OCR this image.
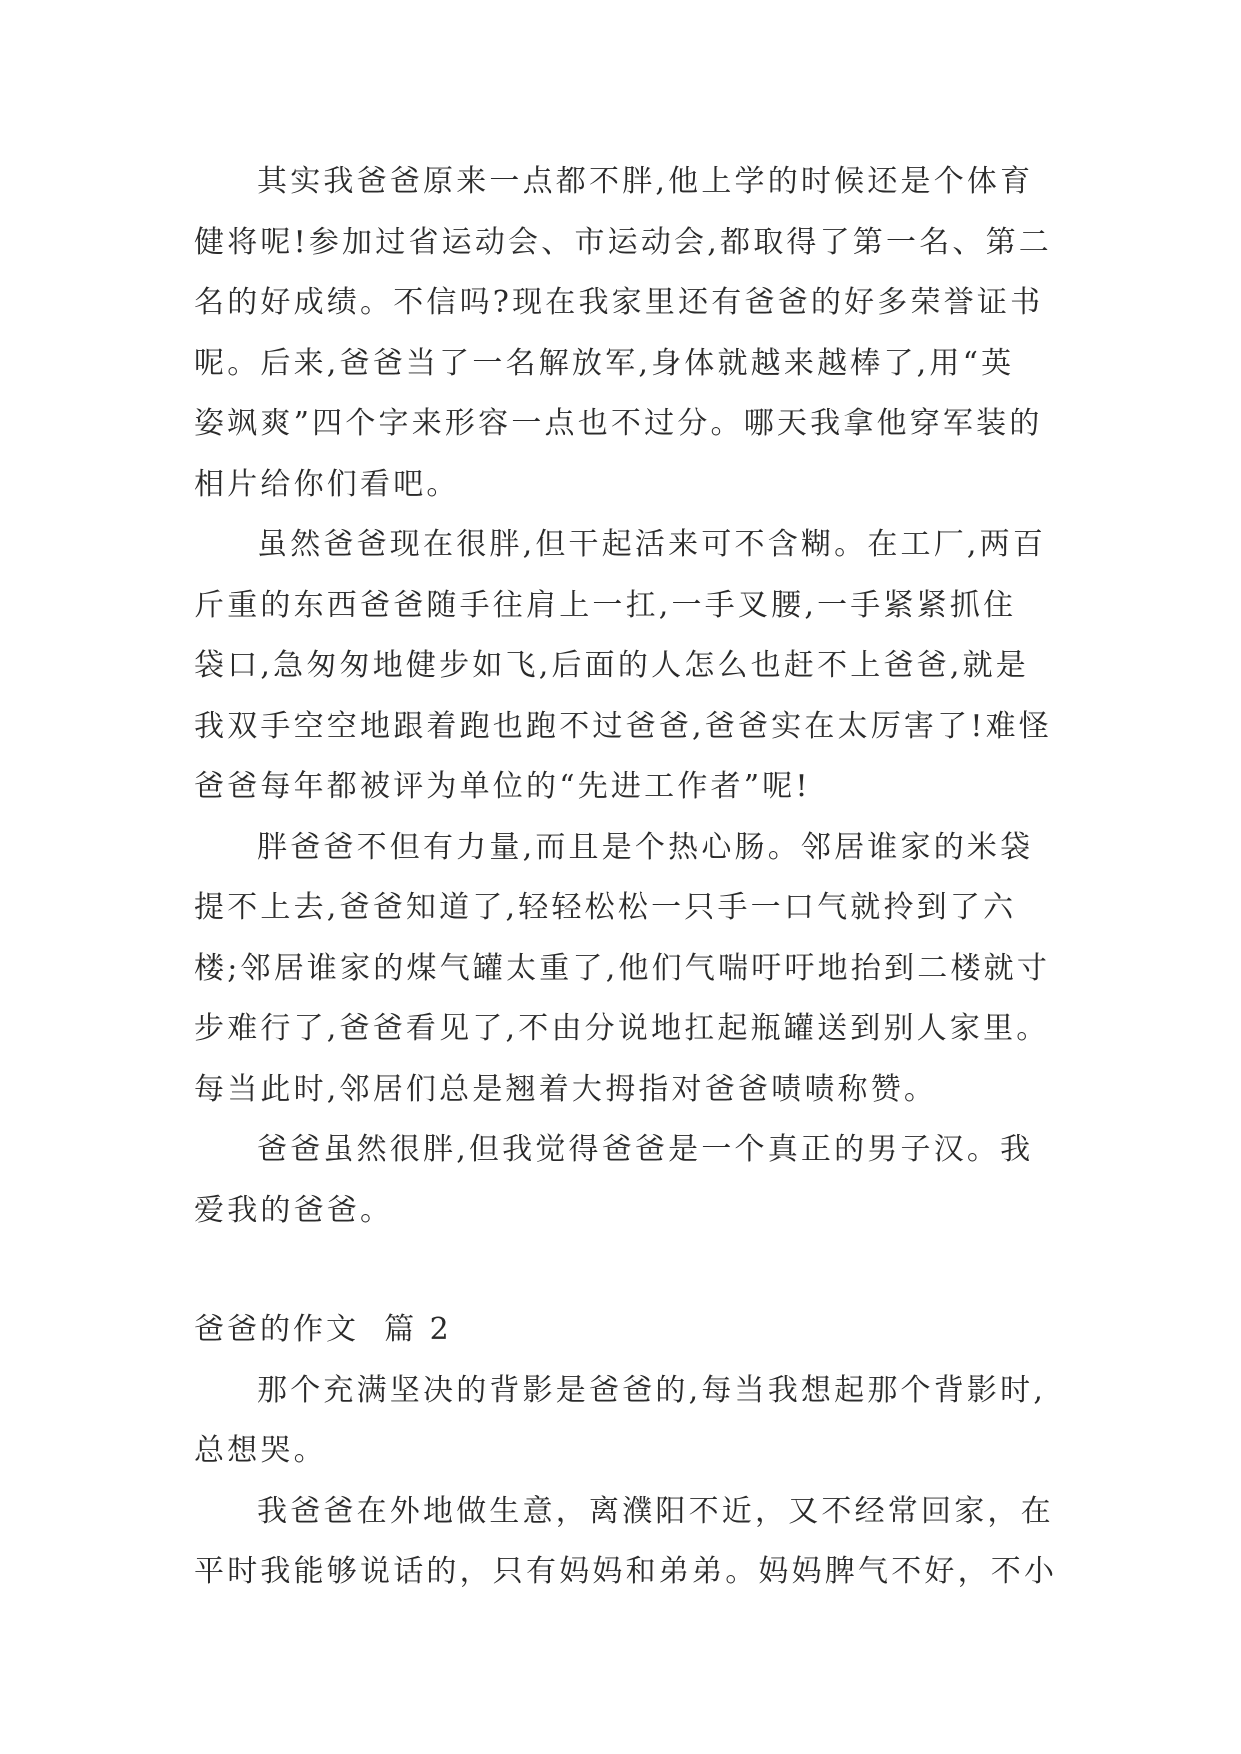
其实我爸爸原来一点都不胖,他上学的时候还是个体育
健将呢!参加过省运动会、市运动会,都取得了第一名、第二
名的好成绩。不信吗?现在我家里还有爸爸的好多荣誉证书
呢。后来,爸爸当了一名解放军,身体就越来越棒了,用“英
姿飒爽”四个字来形容一点也不过分。哪天我拿他穿军装的
相片给你们看吧。
虽然爸爸现在很胖,但干起活来可不含糊。在工厂,两百
斤重的东西爸爸随手往肩上一扛,一手叉腰,一手紧紧抓住
袋口,急匆匆地健步如飞,后面的人怎么也赶不上爸爸,就是
我双手空空地跟着跑也跑不过爸爸,爸爸实在太厉害了!难怪
爸爸每年都被评为单位的“先进工作者”呢!
胖爸爸不但有力量,而且是个热心肠。邻居谁家的米袋
提不上去,爸爸知道了,轻轻松松一只手一口气就拎到了六
楼;邻居谁家的煤气罐太重了,他们气喘吁吁地抬到二楼就寸
步难行了,爸爸看见了,不由分说地扛起瓶罐送到别人家里。
每当此时,邻居们总是翘着大拇指对爸爸啧啧称赞。
爸爸虽然很胖,但我觉得爸爸是一个真正的男子汉。我
爱我的爸爸。
爸爸的作文  篇 2
那个充满坚决的背影是爸爸的,每当我想起那个背影时,
总想哭。
我爸爸在外地做生意，离濮阳不近，又不经常回家，在
平时我能够说话的，只有妈妈和弟弟。妈妈脾气不好，不小
